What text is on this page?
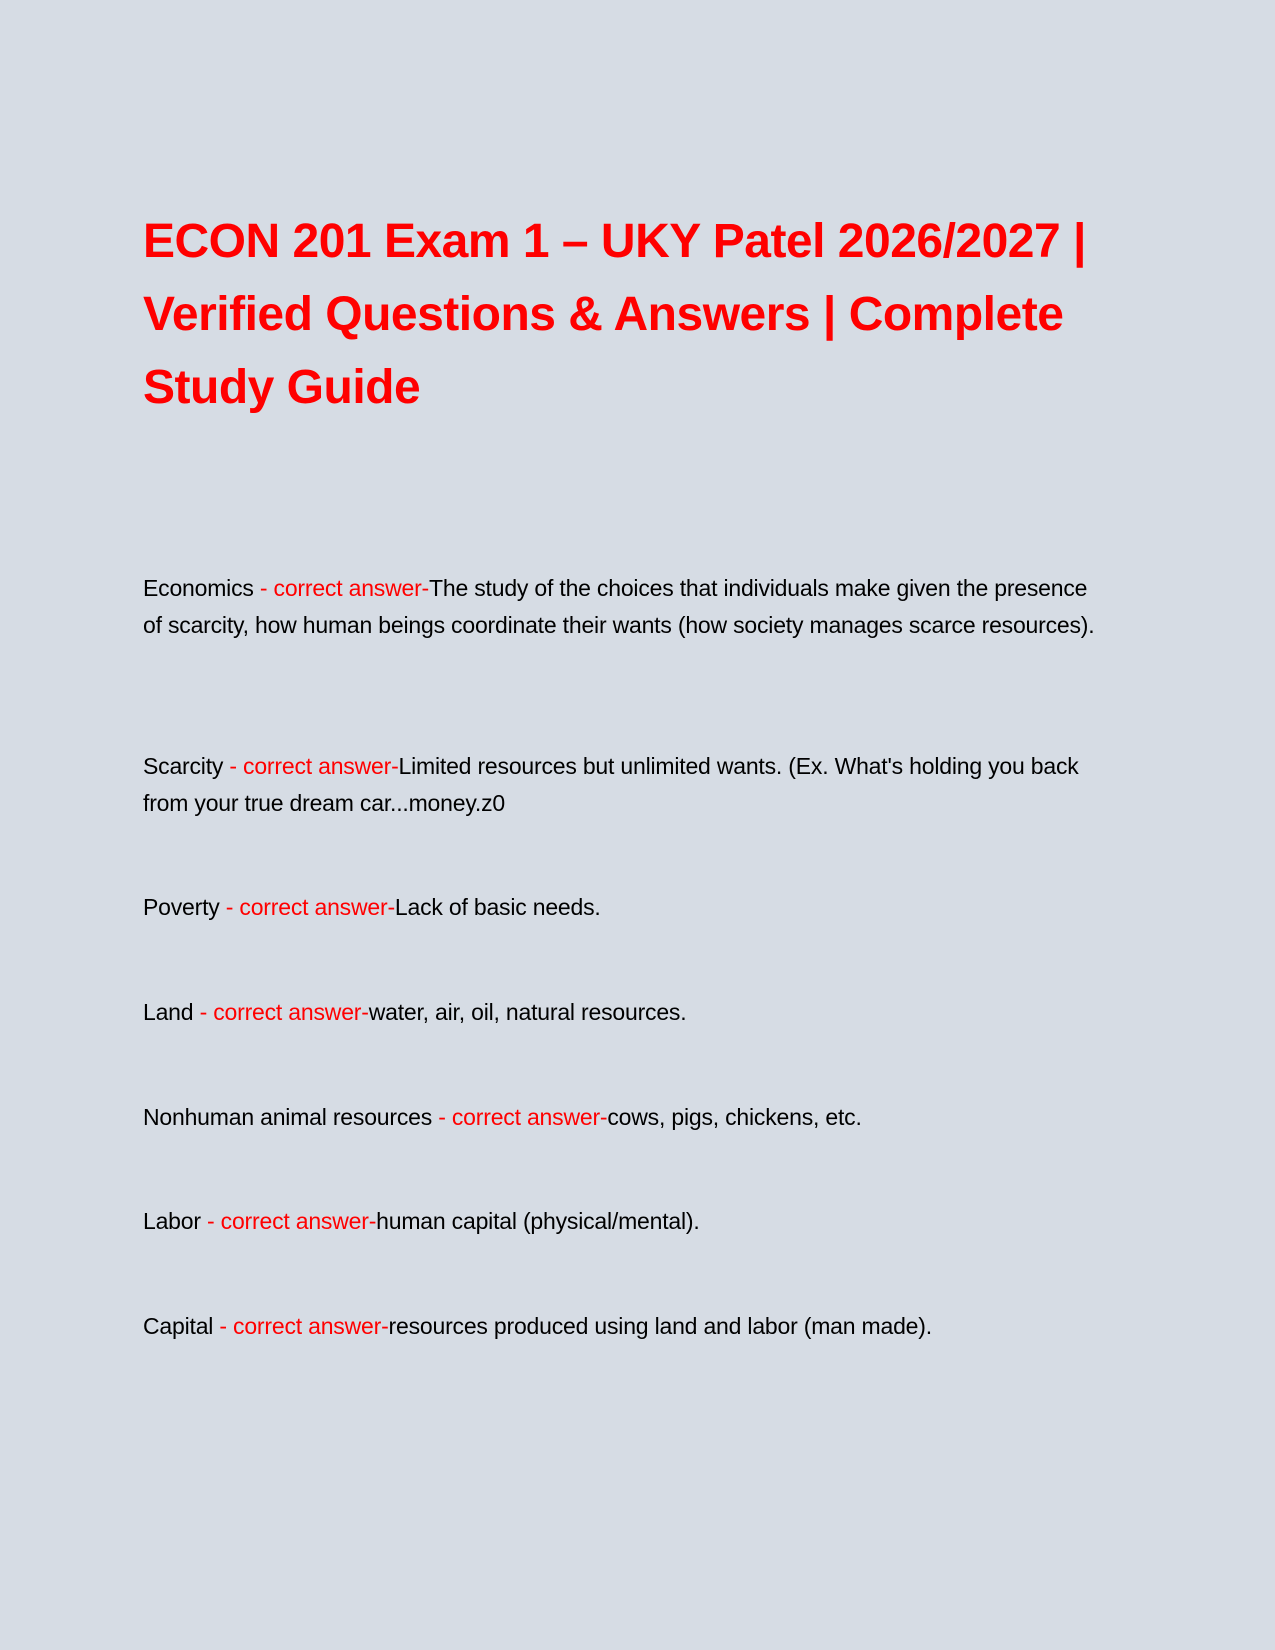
ECON 201 Exam 1 – UKY Patel 2026/2027 | Verified Questions & Answers | Complete Study Guide

Economics - correct answer-The study of the choices that individuals make given the presence of scarcity, how human beings coordinate their wants (how society manages scarce resources).

Scarcity - correct answer-Limited resources but unlimited wants. (Ex. What's holding you back from your true dream car...money.z0

Poverty - correct answer-Lack of basic needs.

Land - correct answer-water, air, oil, natural resources.

Nonhuman animal resources - correct answer-cows, pigs, chickens, etc.

Labor - correct answer-human capital (physical/mental).

Capital - correct answer-resources produced using land and labor (man made).
